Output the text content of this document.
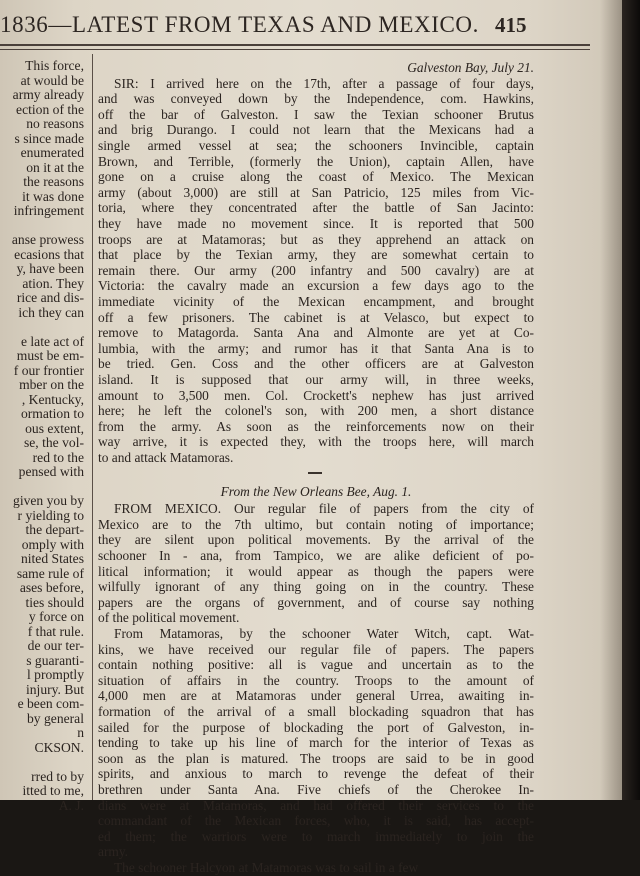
1836—LATEST FROM TEXAS AND MEXICO. 415
This force,
at would be
army already
ection of the
no reasons
s since made
enumerated
on it at the
the reasons
it was done
infringement
anse prowess
ecasions that
y, have been
ation. They
rice and dis-
ich they can
e late act of
must be em-
f our frontier
mber on the
, Kentucky,
ormation to
ous extent,
se, the vol-
red to the
pensed with
given you by
r yielding to
the depart-
omply with
nited States
same rule of
ases before,
ties should
y force on
f that rule.
de our ter-
s guaranti-
l promptly
injury. But
e been com-
by general
n
CKSON.
rred to by
itted to me,
A. J.
Galveston Bay, July 21.
SIR: I arrived here on the 17th, after a passage of four days,
and was conveyed down by the Independence, com. Hawkins,
off the bar of Galveston. I saw the Texian schooner Brutus
and brig Durango. I could not learn that the Mexicans had a
single armed vessel at sea; the schooners Invincible, captain
Brown, and Terrible, (formerly the Union), captain Allen, have
gone on a cruise along the coast of Mexico. The Mexican
army (about 3,000) are still at San Patricio, 125 miles from Vic-
toria, where they concentrated after the battle of San Jacinto:
they have made no movement since. It is reported that 500
troops are at Matamoras; but as they apprehend an attack on
that place by the Texian army, they are somewhat certain to
remain there. Our army (200 infantry and 500 cavalry) are at
Victoria: the cavalry made an excursion a few days ago to the
immediate vicinity of the Mexican encampment, and brought
off a few prisoners. The cabinet is at Velasco, but expect to
remove to Matagorda. Santa Ana and Almonte are yet at Co-
lumbia, with the army; and rumor has it that Santa Ana is to
be tried. Gen. Coss and the other officers are at Galveston
island. It is supposed that our army will, in three weeks,
amount to 3,500 men. Col. Crockett's nephew has just arrived
here; he left the colonel's son, with 200 men, a short distance
from the army. As soon as the reinforcements now on their
way arrive, it is expected they, with the troops here, will march
to and attack Matamoras.
From the New Orleans Bee, Aug. 1.
FROM MEXICO. Our regular file of papers from the city of
Mexico are to the 7th ultimo, but contain noting of importance;
they are silent upon political movements. By the arrival of the
schooner In - ana, from Tampico, we are alike deficient of po-
litical information; it would appear as though the papers were
wilfully ignorant of any thing going on in the country. These
papers are the organs of government, and of course say nothing
of the political movement.
From Matamoras, by the schooner Water Witch, capt. Wat-
kins, we have received our regular file of papers. The papers
contain nothing positive: all is vague and uncertain as to the
situation of affairs in the country. Troops to the amount of
4,000 men are at Matamoras under general Urrea, awaiting in-
formation of the arrival of a small blockading squadron that has
sailed for the purpose of blockading the port of Galveston, in-
tending to take up his line of march for the interior of Texas as
soon as the plan is matured. The troops are said to be in good
spirits, and anxious to march to revenge the defeat of their
brethren under Santa Ana. Five chiefs of the Cherokee In-
dians were at Matamoras, and had offered their services to the
commandant of the Mexican forces, who, it is said, has accept-
ed them; the warriors were to march immediately to join the
army.
The schooner Halcyon at Matamoras was to sail in a few
